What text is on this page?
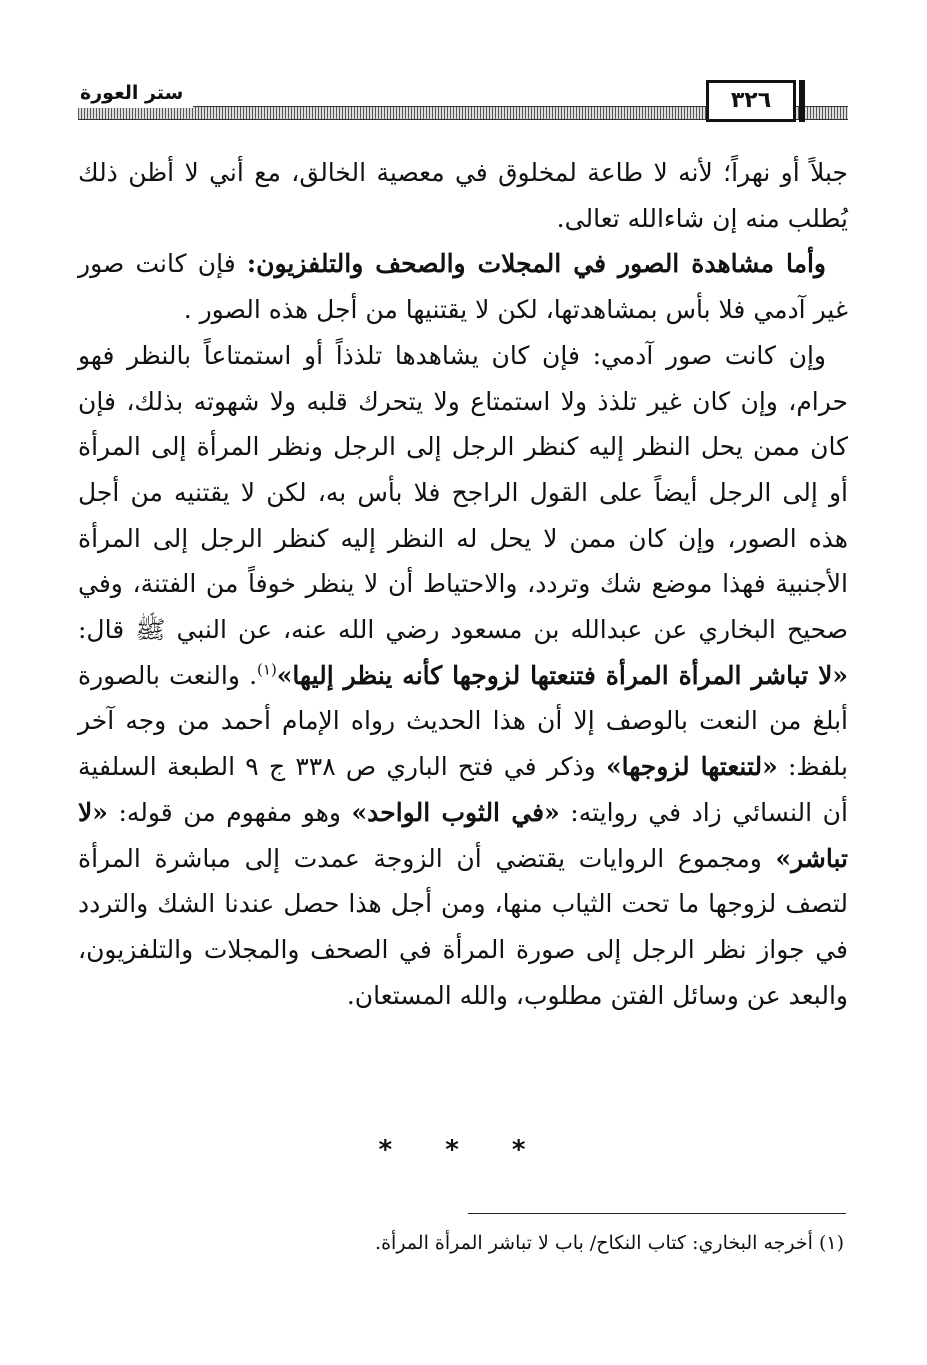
ستر العورة	٣٢٦

جبلاً أو نهراً؛ لأنه لا طاعة لمخلوق في معصية الخالق، مع أني لا أظن ذلك يُطلب منه إن شاءالله تعالى.

وأما مشاهدة الصور في المجلات والصحف والتلفزيون: فإن كانت صور غير آدمي فلا بأس بمشاهدتها، لكن لا يقتنيها من أجل هذه الصور .

وإن كانت صور آدمي: فإن كان يشاهدها تلذذاً أو استمتاعاً بالنظر فهو حرام، وإن كان غير تلذذ ولا استمتاع ولا يتحرك قلبه ولا شهوته بذلك، فإن كان ممن يحل النظر إليه كنظر الرجل إلى الرجل ونظر المرأة إلى المرأة أو إلى الرجل أيضاً على القول الراجح فلا بأس به، لكن لا يقتنيه من أجل هذه الصور، وإن كان ممن لا يحل له النظر إليه كنظر الرجل إلى المرأة الأجنبية فهذا موضع شك وتردد، والاحتياط أن لا ينظر خوفاً من الفتنة، وفي صحيح البخاري عن عبدالله بن مسعود رضي الله عنه، عن النبي ﷺ قال: «لا تباشر المرأة المرأة فتنعتها لزوجها كأنه ينظر إليها»$^{(١)}$. والنعت بالصورة أبلغ من النعت بالوصف إلا أن هذا الحديث رواه الإمام أحمد من وجه آخر بلفظ: «لتنعتها لزوجها» وذكر في فتح الباري ص ٣٣٨ ج ٩ الطبعة السلفية أن النسائي زاد في روايته: «في الثوب الواحد» وهو مفهوم من قوله: «لا تباشر» ومجموع الروايات يقتضي أن الزوجة عمدت إلى مباشرة المرأة لتصف لزوجها ما تحت الثياب منها، ومن أجل هذا حصل عندنا الشك والتردد في جواز نظر الرجل إلى صورة المرأة في الصحف والمجلات والتلفزيون، والبعد عن وسائل الفتن مطلوب، والله المستعان.

* * *
(١) أخرجه البخاري: كتاب النكاح/ باب لا تباشر المرأة المرأة.
